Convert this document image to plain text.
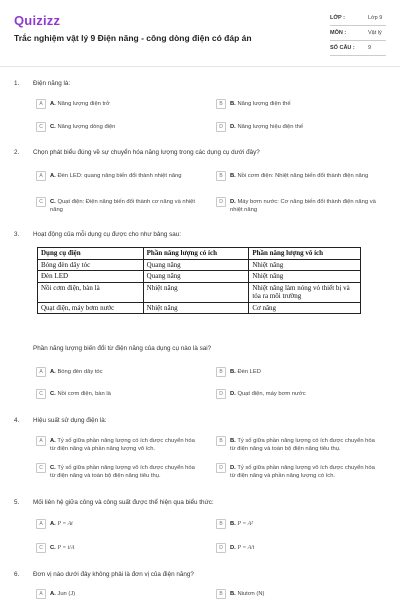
Quizizz
Trắc nghiệm vật lý 9 Điện năng - công dòng điện có đáp án
LỚP :	Lớp 9
MÔN :	Vật lý
SỐ CÂU : 9
1. Điện năng là:
A	A. Năng lượng điện trở	B	B. Năng lượng điện thế
C	C. Năng lượng dòng điện	D	D. Năng lượng hiệu điện thế
2. Chọn phát biểu đúng về sự chuyển hóa năng lượng trong các dụng cụ dưới đây?
A	A. Đèn LED: quang năng biến đổi thành nhiệt năng	B	B. Nồi cơm điện: Nhiệt năng biến đổi thành điện năng
C	C. Quạt điện: Điện năng biến đổi thành cơ năng và nhiệt năng
D	D. Máy bơm nước: Cơ năng biến đổi thành điện năng và nhiệt năng
3. Hoạt động của mỗi dụng cụ được cho như bảng sau:
Dụng cụ điện	Phần năng lượng có ích	Phần năng lượng vô ích
Bóng đèn dây tóc	Quang năng	Nhiệt năng
Đèn LED	Quang năng	Nhiệt năng
Nồi cơm điện, bàn là	Nhiệt năng	Nhiệt năng làm nóng vỏ thiết bị và tỏa ra môi trường
Quạt điện, máy bơm nước	Nhiệt năng	Cơ năng
Phần năng lượng biến đổi từ điện năng của dụng cụ nào là sai?
A	A. Bóng đèn dây tóc	B	B. Đèn LED
C	C. Nồi cơm điện, bàn là	D	D. Quạt điện, máy bơm nước
4. Hiệu suất sử dụng điện là:
A	A. Tỷ số giữa phần năng lượng có ích được chuyển hóa từ điện năng và phần năng lượng vô ích.
B	B. Tỷ số giữa phần năng lượng có ích được chuyển hóa từ điện năng và toàn bộ điện năng tiêu thụ.
C	C. Tỷ số giữa phần năng lượng vô ích được chuyển hóa từ điện năng và toàn bộ điện năng tiêu thụ.
D	D. Tỷ số giữa phần năng lượng vô ích được chuyển hóa từ điện năng và phần năng lượng có ích.
5. Mối liên hệ giữa công và công suất được thể hiện qua biểu thức:
A	A. P = At	B	B. P = A²
C	C. P = t/A	D	D. P = A/t
6. Đơn vị nào dưới đây không phải là đơn vị của điện năng?
A	A. Jun (J)	B	B. Niutơn (N)
